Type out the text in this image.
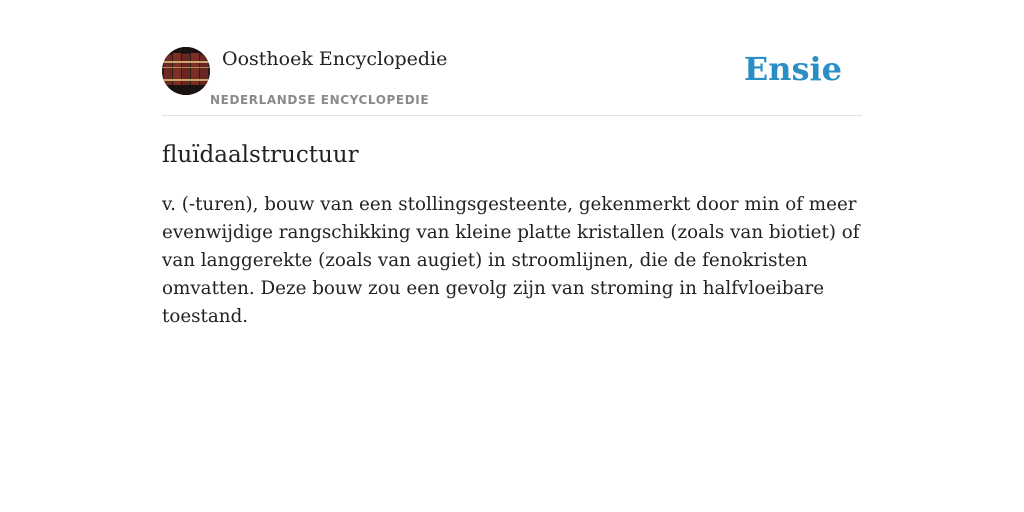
Oosthoek Encyclopedie
NEDERLANDSE ENCYCLOPEDIE
Ensie
fluïdaalstructuur

v. (-turen), bouw van een stollingsgesteente, gekenmerkt door min of meer evenwijdige rangschikking van kleine platte kristallen (zoals van biotiet) of van langgerekte (zoals van augiet) in stroomlijnen, die de fenokristen omvatten. Deze bouw zou een gevolg zijn van stroming in halfvloeibare toestand.
